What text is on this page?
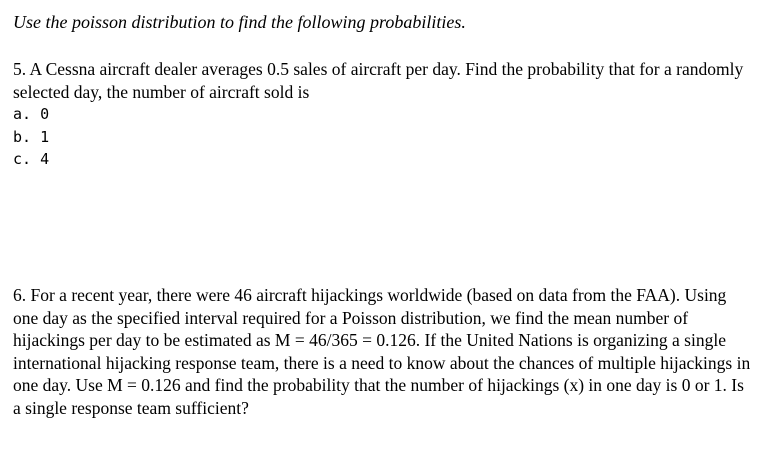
Use the poisson distribution to find the following probabilities.

5. A Cessna aircraft dealer averages 0.5 sales of aircraft per day. Find the probability that for a randomly selected day, the number of aircraft sold is

a. 0
b. 1
c. 4

6. For a recent year, there were 46 aircraft hijackings worldwide (based on data from the FAA). Using one day as the specified interval required for a Poisson distribution, we find the mean number of hijackings per day to be estimated as M = 46/365 = 0.126. If the United Nations is organizing a single international hijacking response team, there is a need to know about the chances of multiple hijackings in one day. Use M = 0.126 and find the probability that the number of hijackings (x) in one day is 0 or 1. Is a single response team sufficient?
